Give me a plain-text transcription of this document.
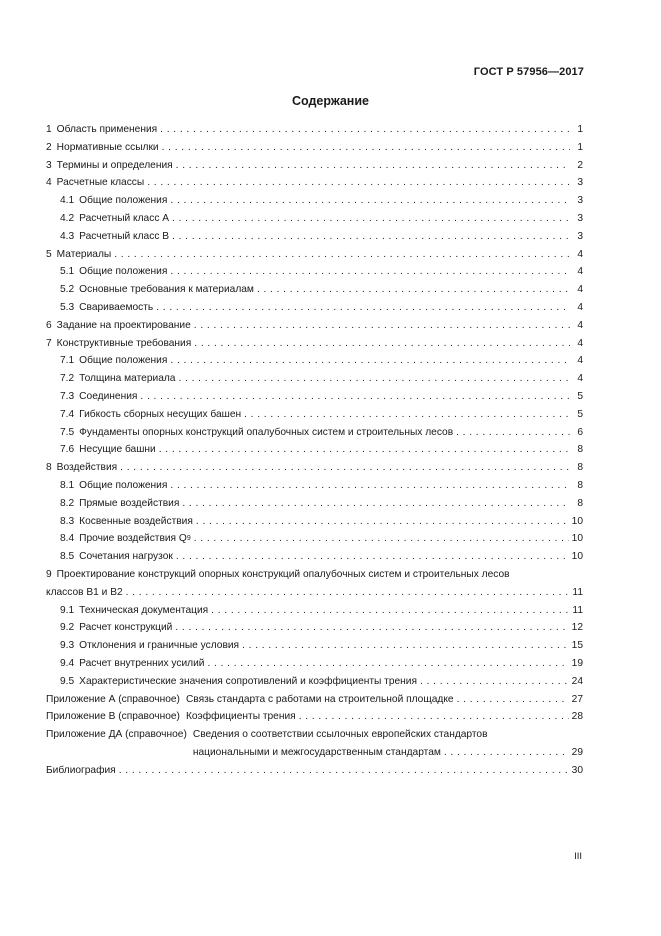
ГОСТ Р 57956—2017
Содержание
1 Область применения . . .	1
2 Нормативные ссылки . . .	1
3 Термины и определения . . .	2
4 Расчетные классы . . .	3
4.1 Общие положения . . .	3
4.2 Расчетный класс А . . .	3
4.3 Расчетный класс В . . .	3
5 Материалы . . .	4
5.1 Общие положения . . .	4
5.2 Основные требования к материалам . . .	4
5.3 Свариваемость . . .	4
6 Задание на проектирование . . .	4
7 Конструктивные требования . . .	4
7.1 Общие положения . . .	4
7.2 Толщина материала . . .	4
7.3 Соединения . . .	5
7.4 Гибкость сборных несущих башен . . .	5
7.5 Фундаменты опорных конструкций опалубочных систем и строительных лесов . . .	6
7.6 Несущие башни . . .	8
8 Воздействия . . .	8
8.1 Общие положения . . .	8
8.2 Прямые воздействия . . .	8
8.3 Косвенные воздействия . . .	10
8.4 Прочие воздействия Q 9 . . .	10
8.5 Сочетания нагрузок . . .	10
9 Проектирование конструкций опорных конструкций опалубочных систем и строительных лесов
классов В1 и В2 . . .	11
9.1 Техническая документация . . .	11
9.2 Расчет конструкций . . .	12
9.3 Отклонения и граничные условия . . .	15
9.4 Расчет внутренних усилий . . .	19
9.5 Характеристические значения сопротивлений и коэффициенты трения . . .	24
Приложение А (справочное) Связь стандарта с работами на строительной площадке . . .	27
Приложение В (справочное) Коэффициенты трения . . .	28
Приложение ДА (справочное) Сведения о соответствии ссылочных европейских стандартов
национальными и межгосударственным стандартам . . .	29
Библиография . . .	30
III
